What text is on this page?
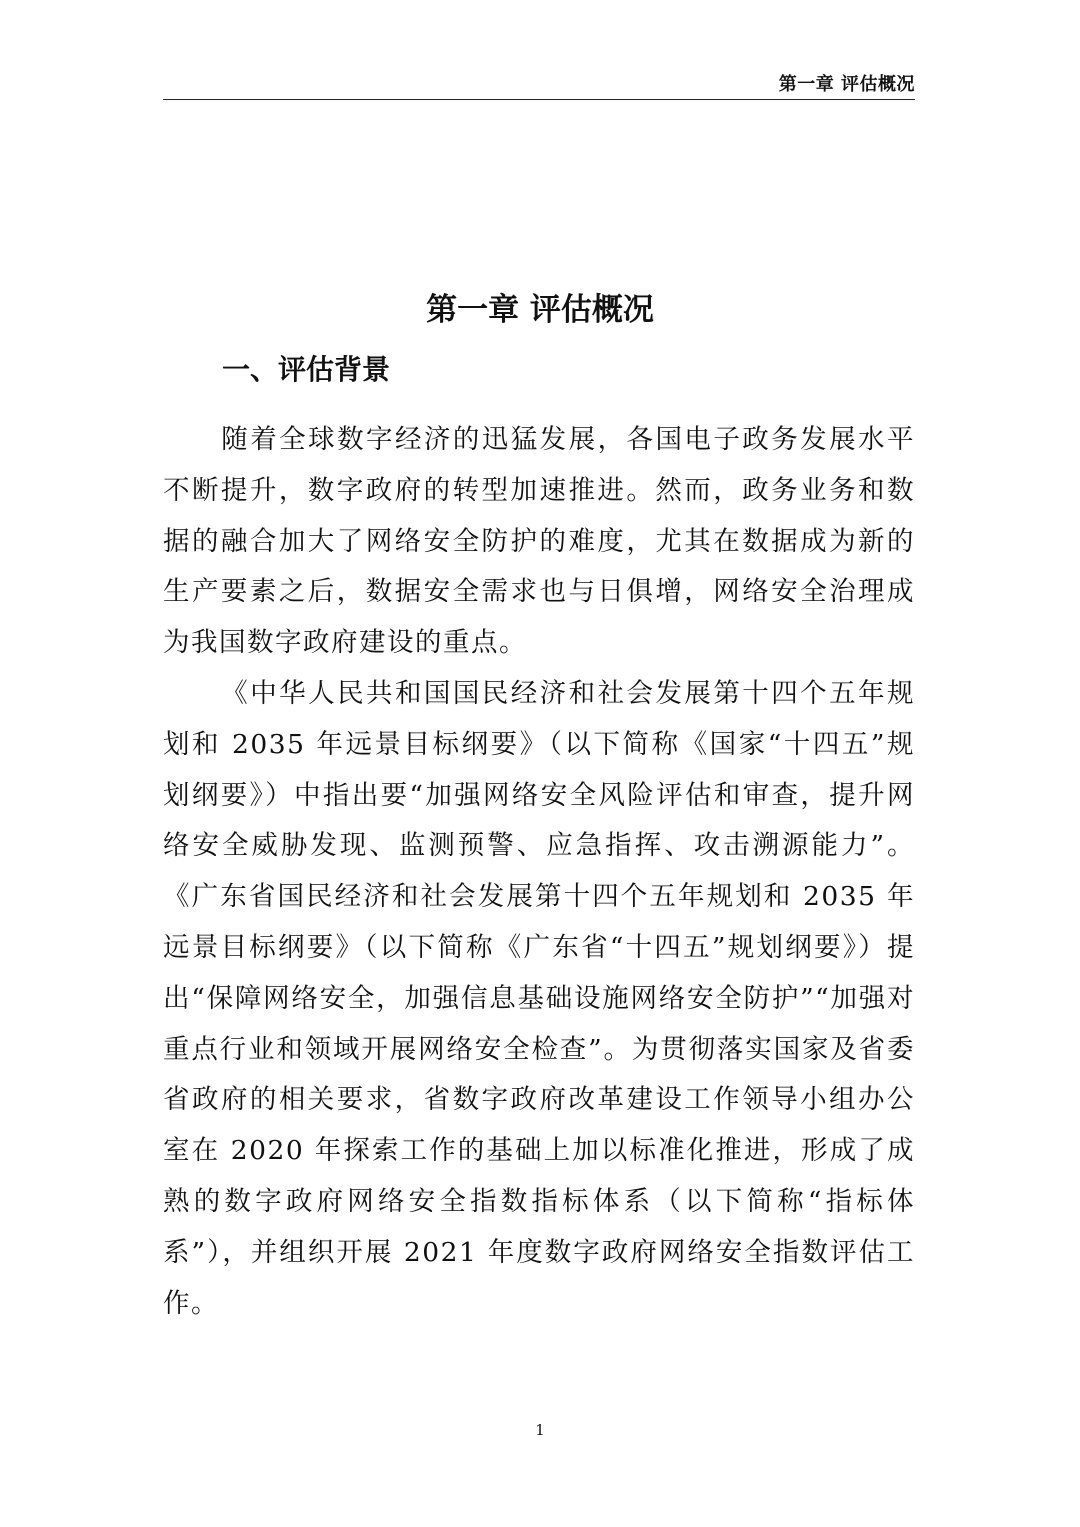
第一章 评估概况
第一章 评估概况
一、评估背景

随着全球数字经济的迅猛发展，各国电子政务发展水平不断提升，数字政府的转型加速推进。然而，政务业务和数据的融合加大了网络安全防护的难度，尤其在数据成为新的生产要素之后，数据安全需求也与日俱增，网络安全治理成为我国数字政府建设的重点。

《中华人民共和国国民经济和社会发展第十四个五年规划和 2035 年远景目标纲要》（以下简称《国家“十四五”规划纲要》）中指出要“加强网络安全风险评估和审查，提升网络安全威胁发现、监测预警、应急指挥、攻击溯源能力”。《广东省国民经济和社会发展第十四个五年规划和 2035 年远景目标纲要》（以下简称《广东省“十四五”规划纲要》）提出“保障网络安全，加强信息基础设施网络安全防护”“加强对重点行业和领域开展网络安全检查”。为贯彻落实国家及省委省政府的相关要求，省数字政府改革建设工作领导小组办公室在 2020 年探索工作的基础上加以标准化推进，形成了成熟的数字政府网络安全指数指标体系（以下简称“指标体系”），并组织开展 2021 年度数字政府网络安全指数评估工作。

1
